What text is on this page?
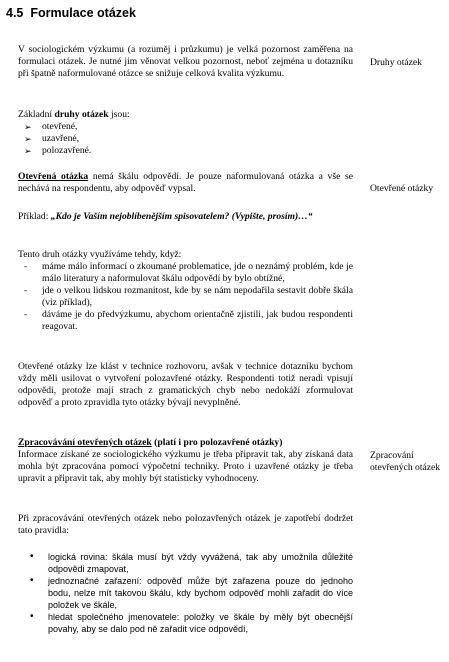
4.5 Formulace otázek
Druhy otázek
Otevřené otázky
Zpracování otevřených otázek

V sociologickém výzkumu (a rozumĕj i průzkumu) je velká pozornost zaměřena na formulaci otázek. Je nutné jim věnovat velkou pozornost, neboť zejména u dotazníku při špatně naformulované otázce se snižuje celková kvalita výzkumu.

Základní druhy otázek jsou:

➢ otevřené,
➢ uzavřené,
➢ polozavřené.

Otevřená otázka nemá škálu odpovědí. Je pouze naformulovaná otázka a vše se nechává na respondentu, aby odpověď vypsal.

Příklad: „Kdo je Vaším nejoblíbenějším spisovatelem? (Vypište, prosím)…“

Tento druh otázky využíváme tehdy, když:

- máme málo informací o zkoumané problematice, jde o neznámý problém, kde je málo literatury a naformulovat škálu odpovědí by bylo obtížné,
- jde o velkou lidskou rozmanitost, kde by se nám nepodařila sestavit dobře škála (viz příklad),
- dáváme je do předvýzkumu, abychom orientačně zjistili, jak budou respondenti reagovat.

Otevřené otázky lze klást v technice rozhovoru, avšak v technice dotazníku bychom vždy měli usilovat o vytvoření polozavřené otázky. Respondenti totiž neradi vpisují odpovědi, protože mají strach z gramatických chyb nebo nedokáží zformulovat odpověď a proto zpravidla tyto otázky bývají nevyplněné.

Zpracovávání otevřených otázek (platí i pro polozavřené otázky)

Informace získané ze sociologického výzkumu je třeba připravit tak, aby získaná data mohla být zpracována pomocí výpočetní techniky. Proto i uzavřené otázky je třeba upravit a připravit tak, aby mohly být statisticky vyhodnoceny.

Při zpracovávání otevřených otázek nebo polozavřených otázek je zapotřebí dodržet tato pravidla:

• logická rovina: škála musí být vždy vyvážená, tak aby umožnila důležité odpovědi zmapovat,
• jednoznačné zařazení: odpověď může být zařazena pouze do jednoho bodu, nelze mít takovou škálu, kdy bychom odpověď mohli zařadit do více položek ve škále,
• hledat společného jmenovatele: položky ve škále by měly být obecnější povahy, aby se dalo pod ně zařadit více odpovědí,
